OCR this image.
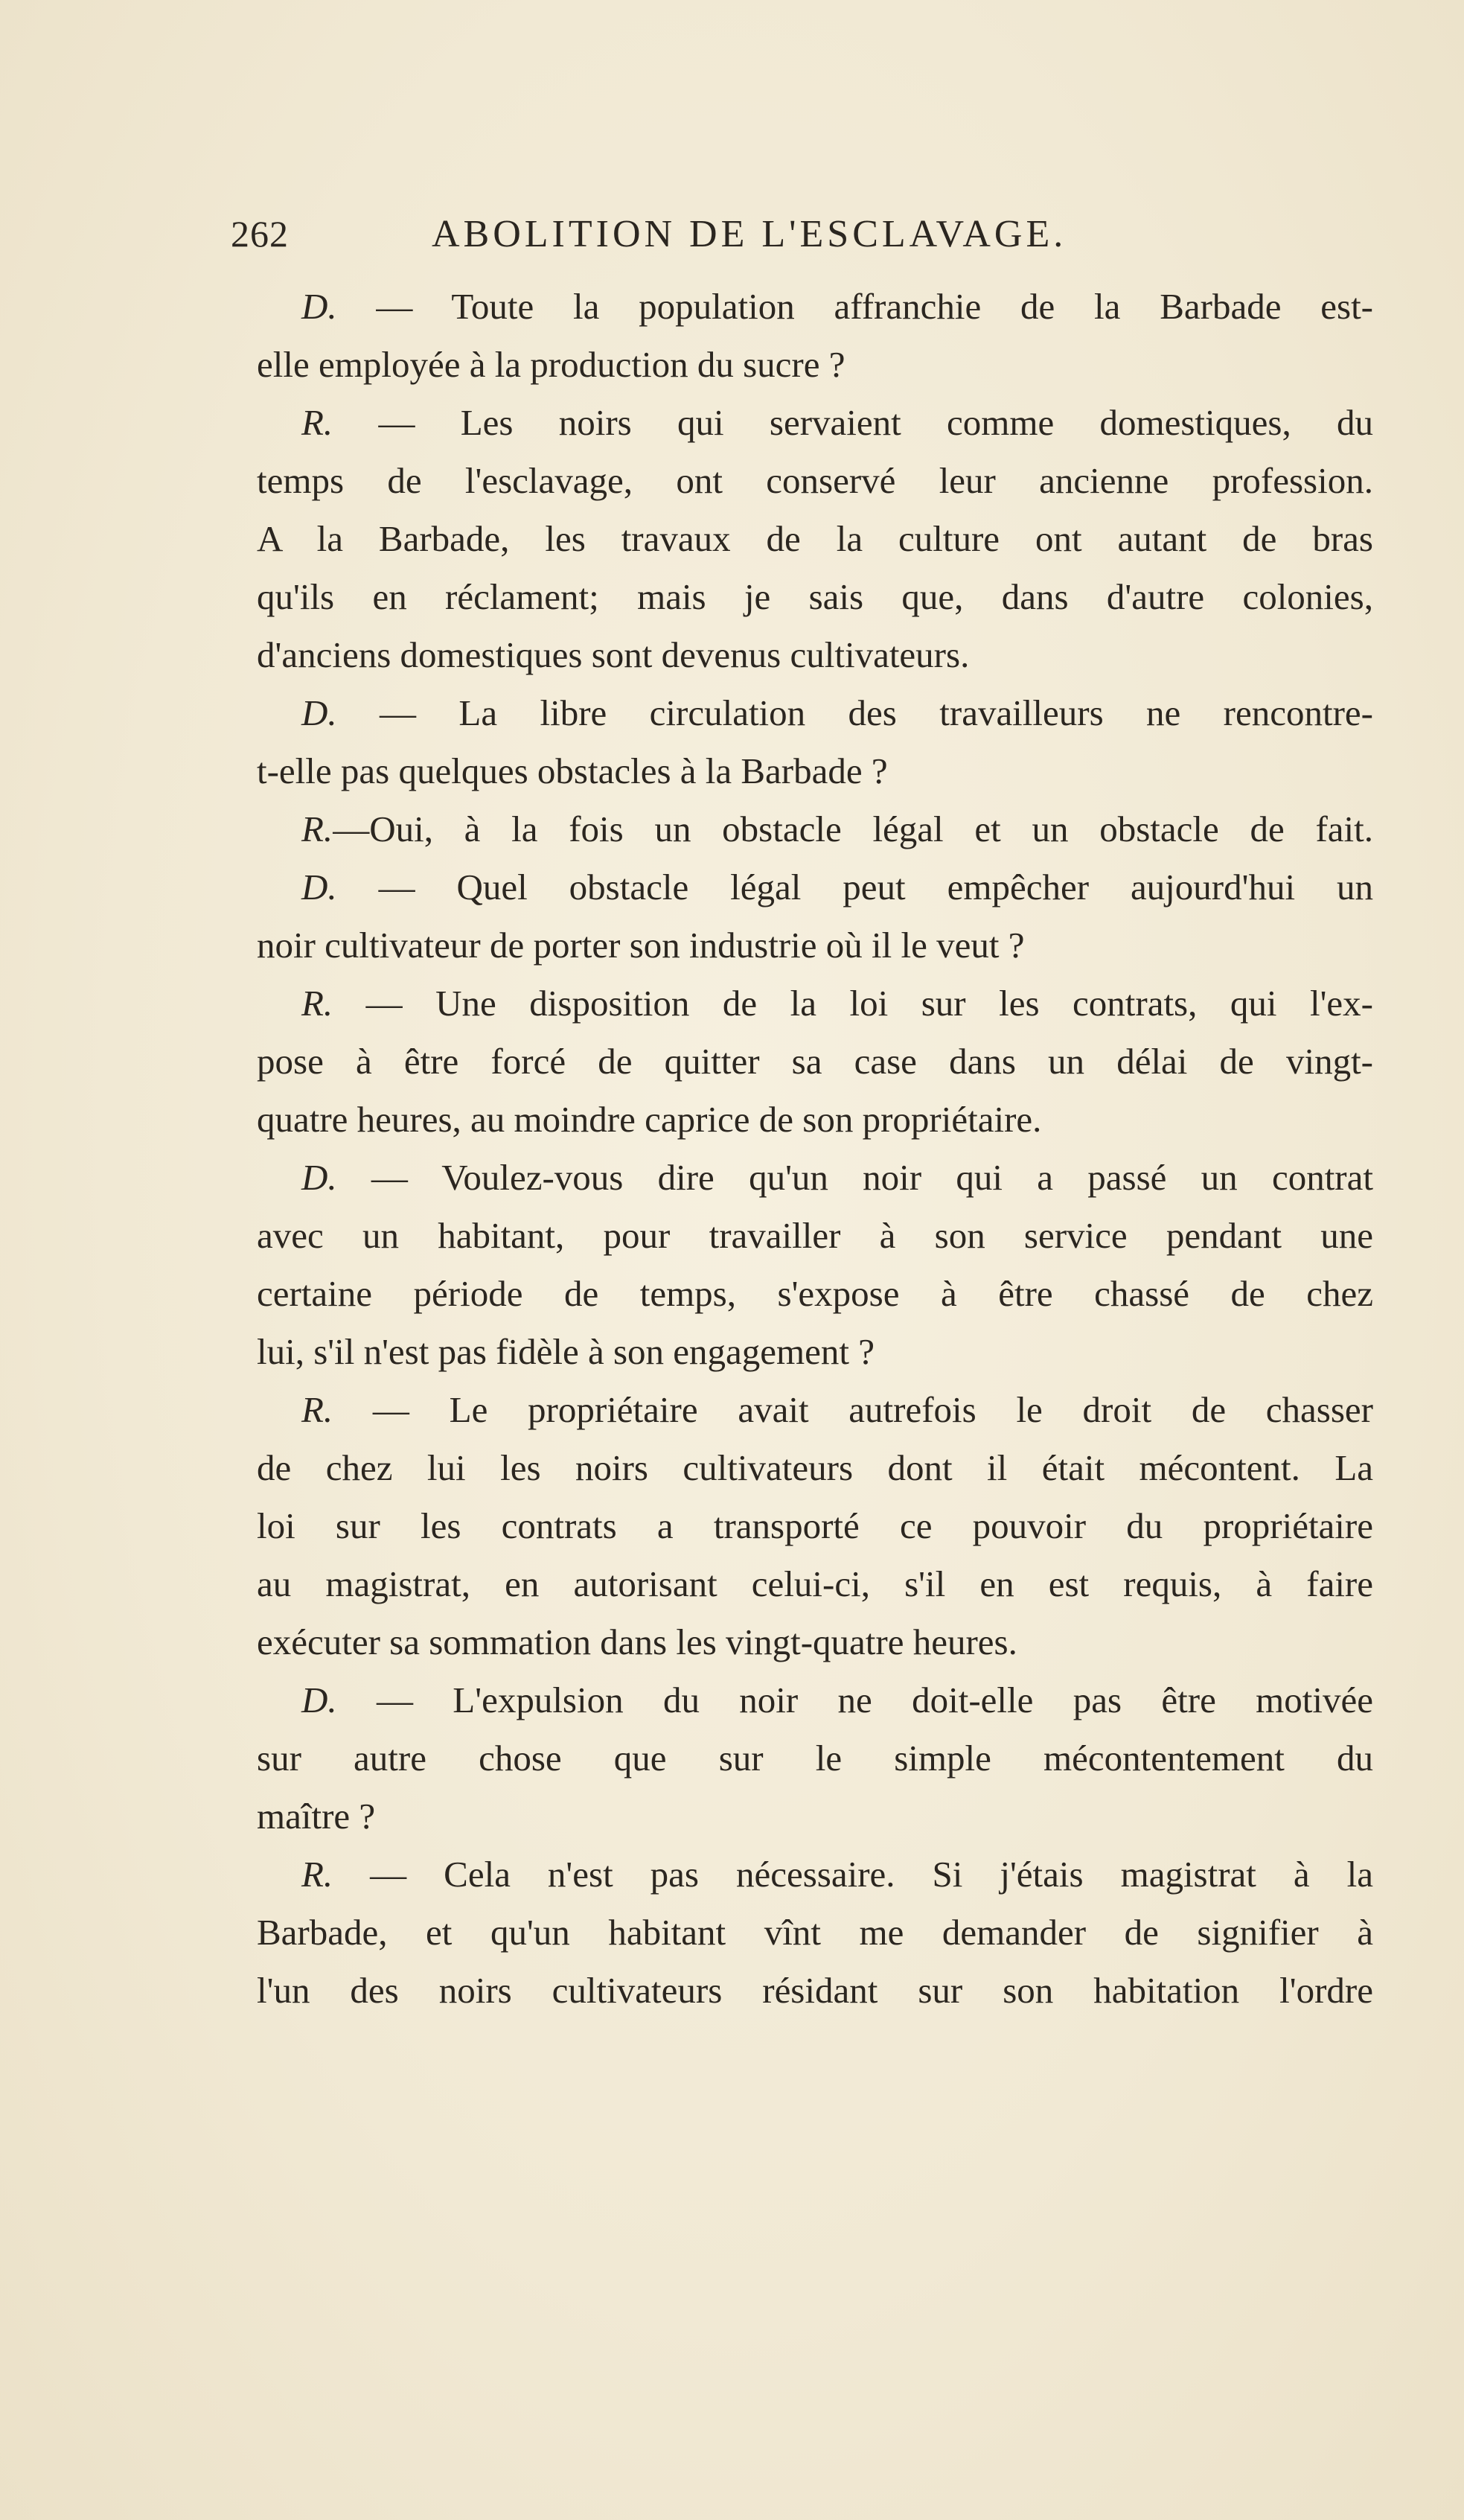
262	ABOLITION DE L'ESCLAVAGE.
D. — Toute la population affranchie de la Barbade est-
elle employée à la production du sucre ?
R. — Les noirs qui servaient comme domestiques, du
temps de l'esclavage, ont conservé leur ancienne profession.
A la Barbade, les travaux de la culture ont autant de bras
qu'ils en réclament; mais je sais que, dans d'autre colonies,
d'anciens domestiques sont devenus cultivateurs.
D. — La libre circulation des travailleurs ne rencontre-
t-elle pas quelques obstacles à la Barbade ?
R.—Oui, à la fois un obstacle légal et un obstacle de fait.
D. — Quel obstacle légal peut empêcher aujourd'hui un
noir cultivateur de porter son industrie où il le veut ?
R. — Une disposition de la loi sur les contrats, qui l'ex-
pose à être forcé de quitter sa case dans un délai de vingt-
quatre heures, au moindre caprice de son propriétaire.
D. — Voulez-vous dire qu'un noir qui a passé un contrat
avec un habitant, pour travailler à son service pendant une
certaine période de temps, s'expose à être chassé de chez
lui, s'il n'est pas fidèle à son engagement ?
R. — Le propriétaire avait autrefois le droit de chasser
de chez lui les noirs cultivateurs dont il était mécontent. La
loi sur les contrats a transporté ce pouvoir du propriétaire
au magistrat, en autorisant celui-ci, s'il en est requis, à faire
exécuter sa sommation dans les vingt-quatre heures.
D. — L'expulsion du noir ne doit-elle pas être motivée
sur autre chose que sur le simple mécontentement du
maître ?
R. — Cela n'est pas nécessaire. Si j'étais magistrat à la
Barbade, et qu'un habitant vînt me demander de signifier à
l'un des noirs cultivateurs résidant sur son habitation l'ordre
